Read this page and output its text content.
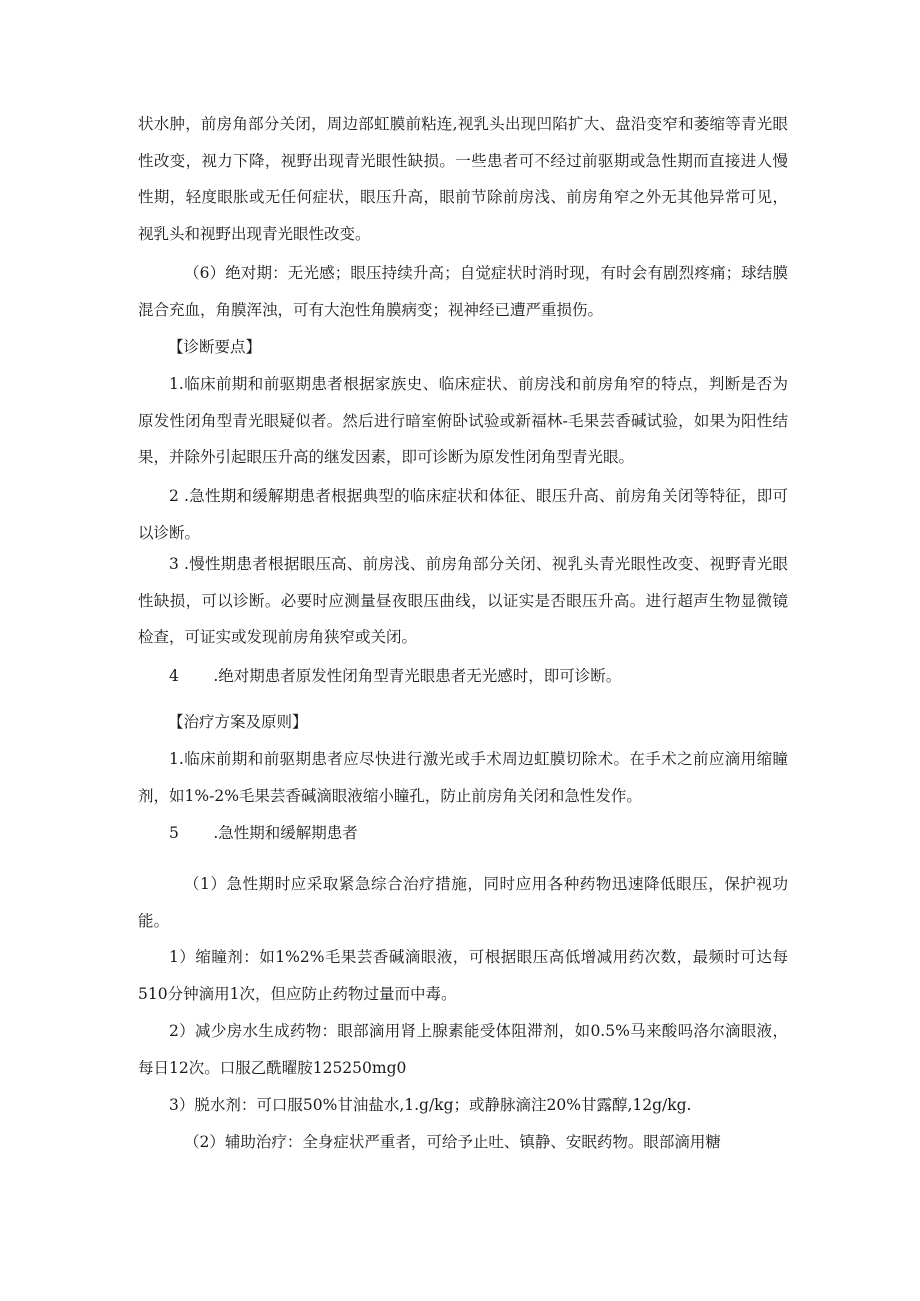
状水肿，前房角部分关闭，周边部虹膜前粘连,视乳头出现凹陷扩大、盘沿变窄和萎缩等青光眼性改变，视力下降，视野出现青光眼性缺损。一些患者可不经过前驱期或急性期而直接进人慢性期，轻度眼胀或无任何症状，眼压升高，眼前节除前房浅、前房角窄之外无其他异常可见，视乳头和视野出现青光眼性改变。

（6）绝对期：无光感；眼压持续升高；自觉症状时消时现，有时会有剧烈疼痛；球结膜混合充血，角膜浑浊，可有大泡性角膜病变；视神经已遭严重损伤。

【诊断要点】

1.临床前期和前驱期患者根据家族史、临床症状、前房浅和前房角窄的特点，判断是否为原发性闭角型青光眼疑似者。然后进行暗室俯卧试验或新福林-毛果芸香碱试验，如果为阳性结果，并除外引起眼压升高的继发因素，即可诊断为原发性闭角型青光眼。

2 .急性期和缓解期患者根据典型的临床症状和体征、眼压升高、前房角关闭等特征，即可以诊断。

3 .慢性期患者根据眼压高、前房浅、前房角部分关闭、视乳头青光眼性改变、视野青光眼性缺损，可以诊断。必要时应测量昼夜眼压曲线，以证实是否眼压升高。进行超声生物显微镜检查，可证实或发现前房角狭窄或关闭。

4       .绝对期患者原发性闭角型青光眼患者无光感时，即可诊断。

【治疗方案及原则】

1.临床前期和前驱期患者应尽快进行激光或手术周边虹膜切除术。在手术之前应滴用缩瞳剂，如1%-2%毛果芸香碱滴眼液缩小瞳孔，防止前房角关闭和急性发作。

5       .急性期和缓解期患者

（1）急性期时应采取紧急综合治疗措施，同时应用各种药物迅速降低眼压，保护视功能。

1）缩瞳剂：如1%2%毛果芸香碱滴眼液，可根据眼压高低增减用药次数，最频时可达每510分钟滴用1次，但应防止药物过量而中毒。

2）减少房水生成药物：眼部滴用肾上腺素能受体阻滞剂，如0.5%马来酸吗洛尔滴眼液，每日12次。口服乙酰曜胺125250mg0

3）脱水剂：可口服50%甘油盐水,1.g/kg；或静脉滴注20%甘露醇,12g∕kg.

（2）辅助治疗：全身症状严重者，可给予止吐、镇静、安眠药物。眼部滴用糖
